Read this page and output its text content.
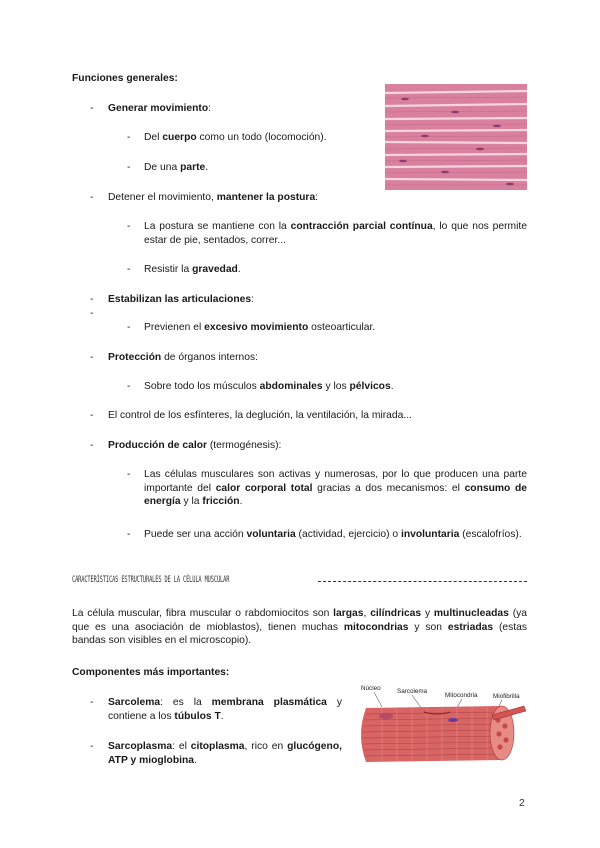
Funciones generales:
- Generar movimiento:
- Del cuerpo como un todo (locomoción).
- De una parte.
- Detener el movimiento, mantener la postura:
- La postura se mantiene con la contracción parcial contínua, lo que nos permite estar de pie, sentados, correr...
- Resistir la gravedad.
- Estabilizan las articulaciones:
-
- Previenen el excesivo movimiento osteoarticular.
- Protección de órganos internos:
- Sobre todo los músculos abdominales y los pélvicos.
- El control de los esfínteres, la deglución, la ventilación, la mirada...
- Producción de calor (termogénesis):
- Las células musculares son activas y numerosas, por lo que producen una parte importante del calor corporal total gracias a dos mecanismos: el consumo de energía y la fricción.
- Puede ser una acción voluntaria (actividad, ejercicio) o involuntaria (escalofríos).
CARACTERÍSTICAS ESTRUCTURALES DE LA CÉLULA MUSCULAR
La célula muscular, fibra muscular o rabdomiocitos son largas, cilíndricas y multinucleadas (ya que es una asociación de mioblastos), tienen muchas mitocondrias y son estriadas (estas bandas son visibles en el microscopio).
Componentes más importantes:
- Sarcolema: es la membrana plasmática y contiene a los túbulos T.
- Sarcoplasma: el citoplasma, rico en glucógeno, ATP y mioglobina.
Núcleo	Sarcolema
Mitocondria Miofibrilla
2
